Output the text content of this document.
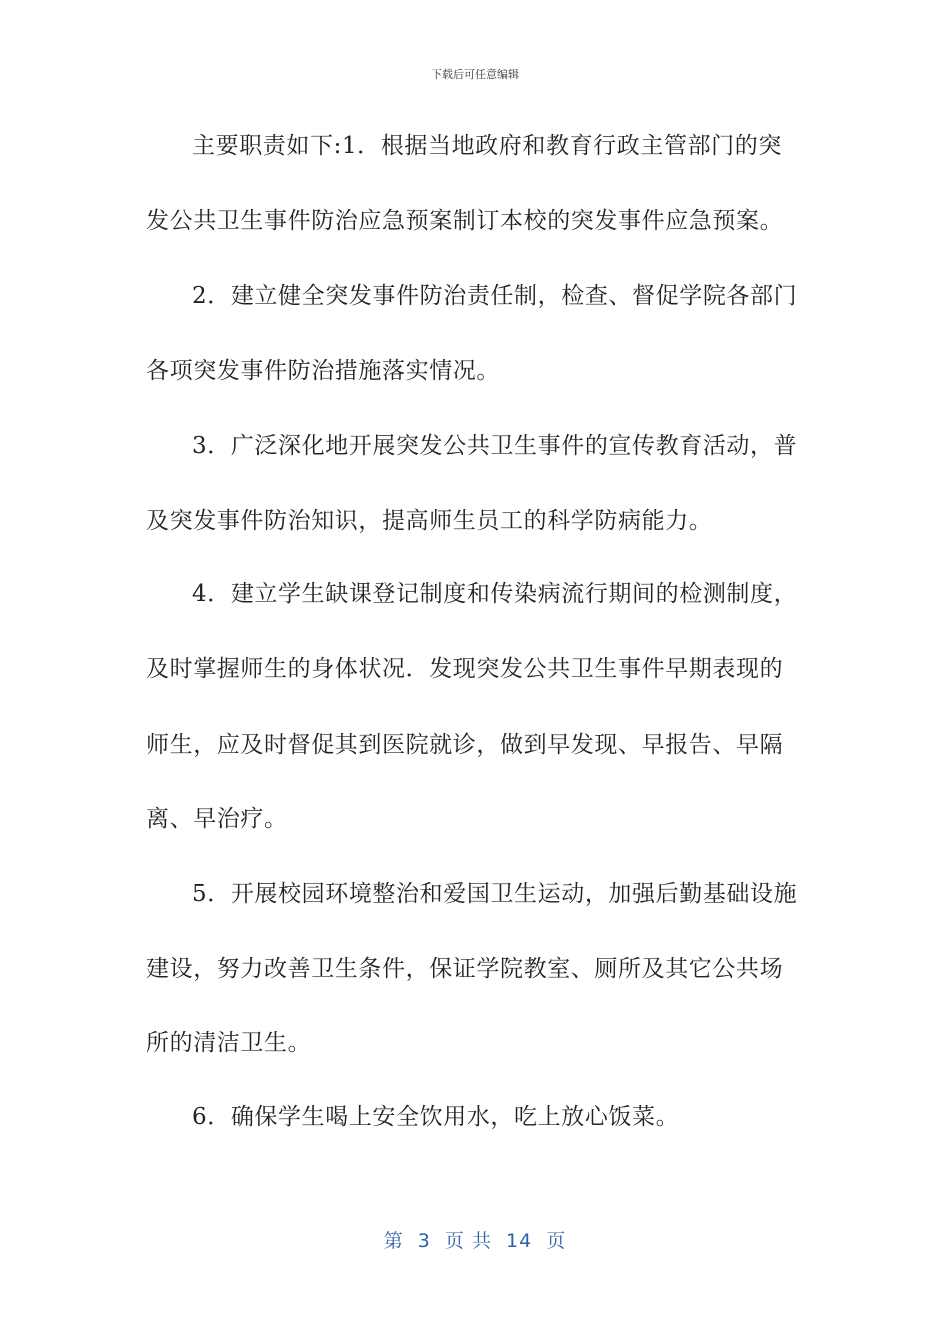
下载后可任意编辑
主要职责如下:1．根据当地政府和教育行政主管部门的突
发公共卫生事件防治应急预案制订本校的突发事件应急预案。
2．建立健全突发事件防治责任制，检查、督促学院各部门
各项突发事件防治措施落实情况。
3．广泛深化地开展突发公共卫生事件的宣传教育活动，普
及突发事件防治知识，提高师生员工的科学防病能力。
4．建立学生缺课登记制度和传染病流行期间的检测制度，
及时掌握师生的身体状况．发现突发公共卫生事件早期表现的
师生，应及时督促其到医院就诊，做到早发现、早报告、早隔
离、早治疗。
5．开展校园环境整治和爱国卫生运动，加强后勤基础设施
建设，努力改善卫生条件，保证学院教室、厕所及其它公共场
所的清洁卫生。
6．确保学生喝上安全饮用水，吃上放心饭菜。
第  3  页 共  14  页
